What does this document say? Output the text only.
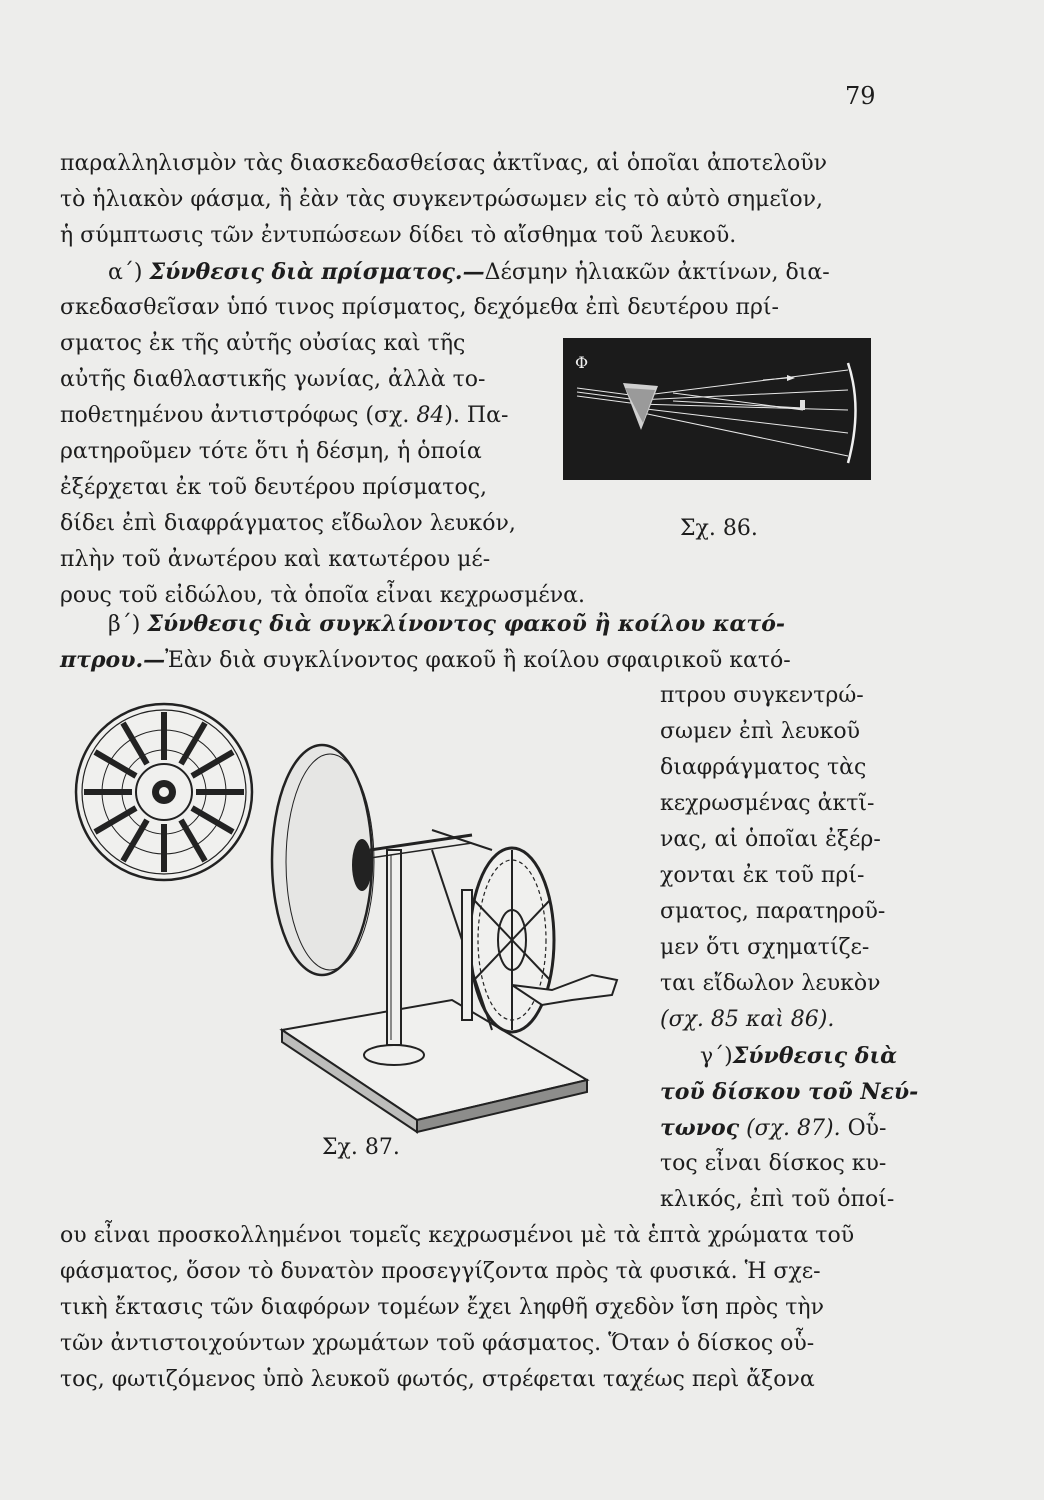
79
παραλληλισμὸν τὰς διασκεδασθείσας ἀκτῖνας, αἱ ὁποῖαι ἀποτελοῦν
τὸ ἡλιακὸν φάσμα, ἢ ἐὰν τὰς συγκεντρώσωμεν εἰς τὸ αὐτὸ σημεῖον,
ἡ σύμπτωσις τῶν ἐντυπώσεων δίδει τὸ αἴσθημα τοῦ λευκοῦ.
α΄) Σύνθεσις διὰ πρίσματος.—Δέσμην ἡλιακῶν ἀκτίνων, δια-
σκεδασθεῖσαν ὑπό τινος πρίσματος, δεχόμεθα ἐπὶ δευτέρου πρί-
σματος ἐκ τῆς αὐτῆς οὐσίας καὶ τῆς
αὐτῆς διαθλαστικῆς γωνίας, ἀλλὰ το-
ποθετημένου ἀντιστρόφως (σχ. 84). Πα-
ρατηροῦμεν τότε ὅτι ἡ δέσμη, ἡ ὁποία
ἐξέρχεται ἐκ τοῦ δευτέρου πρίσματος,
δίδει ἐπὶ διαφράγματος εἴδωλον λευκόν,
πλὴν τοῦ ἀνωτέρου καὶ κατωτέρου μέ-
ρους τοῦ εἰδώλου, τὰ ὁποῖα εἶναι κεχρωσμένα.
Φ
Σχ. 86.
β΄) Σύνθεσις διὰ συγκλίνοντος φακοῦ ἢ κοίλου κατό-
πτρου.—Ἐὰν διὰ συγκλίνοντος φακοῦ ἢ κοίλου σφαιρικοῦ κατό-
πτρου συγκεντρώ-
σωμεν ἐπὶ λευκοῦ
διαφράγματος τὰς
κεχρωσμένας ἀκτῖ-
νας, αἱ ὁποῖαι ἐξέρ-
χονται ἐκ τοῦ πρί-
σματος, παρατηροῦ-
μεν ὅτι σχηματίζε-
ται εἴδωλον λευκὸν
(σχ. 85 καὶ 86).
γ΄)Σύνθεσις διὰ
τοῦ δίσκου τοῦ Νεύ-
τωνος (σχ. 87). Οὗ-
τος εἶναι δίσκος κυ-
κλικός, ἐπὶ τοῦ ὁποί-
Σχ. 87.
ου εἶναι προσκολλημένοι τομεῖς κεχρωσμένοι μὲ τὰ ἑπτὰ χρώματα τοῦ
φάσματος, ὅσον τὸ δυνατὸν προσεγγίζοντα πρὸς τὰ φυσικά. Ἡ σχε-
τικὴ ἔκτασις τῶν διαφόρων τομέων ἔχει ληφθῆ σχεδὸν ἴση πρὸς τὴν
τῶν ἀντιστοιχούντων χρωμάτων τοῦ φάσματος. Ὅταν ὁ δίσκος οὗ-
τος, φωτιζόμενος ὑπὸ λευκοῦ φωτός, στρέφεται ταχέως περὶ ἄξονα
